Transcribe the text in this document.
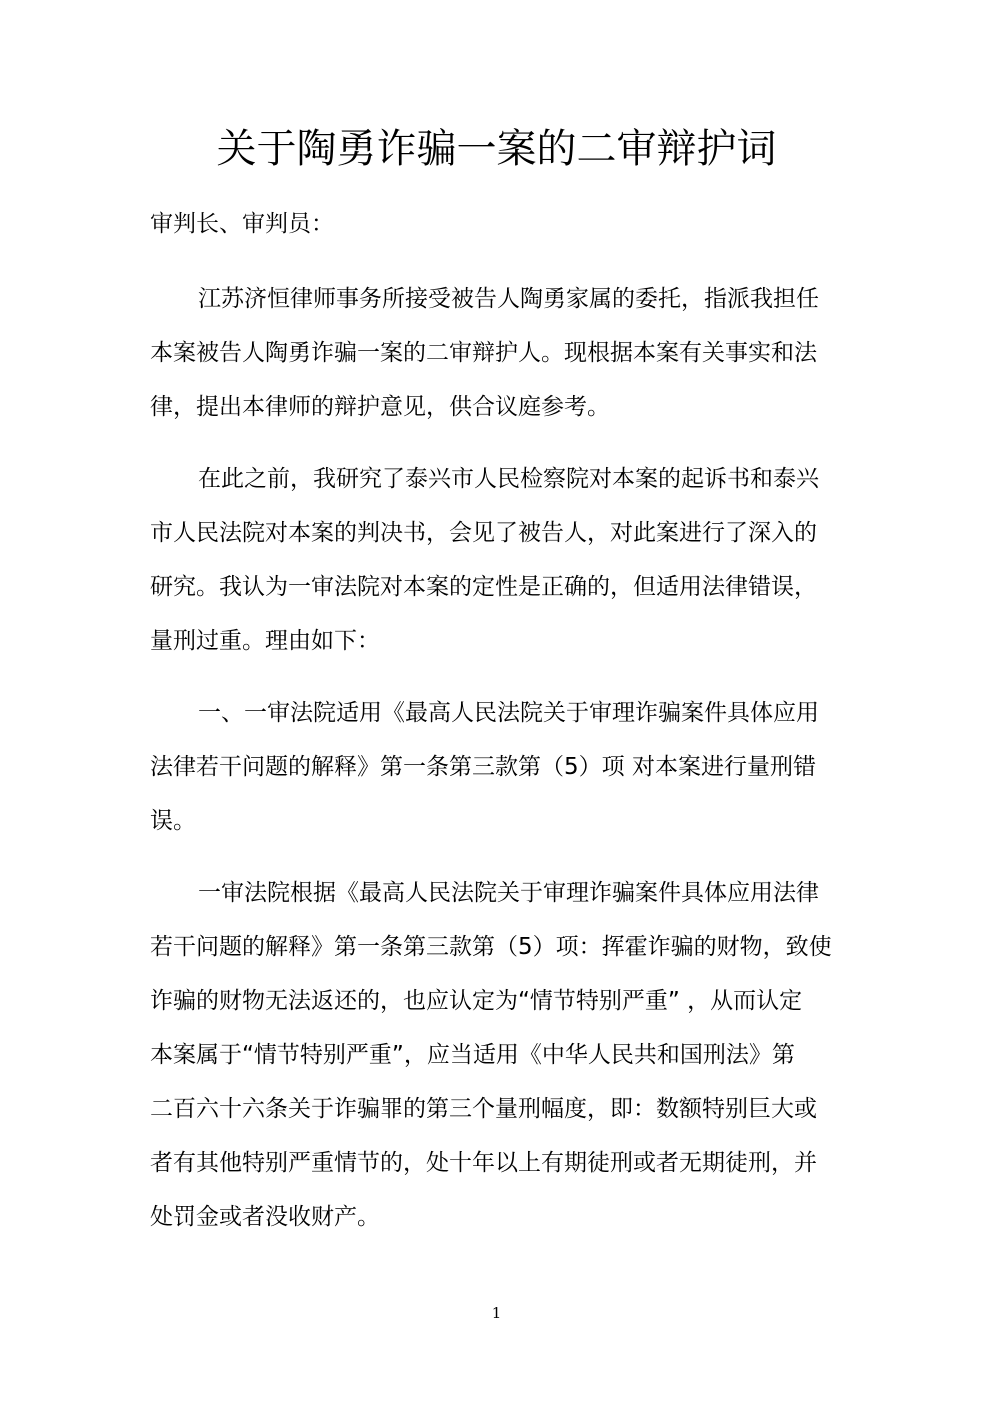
关于陶勇诈骗一案的二审辩护词

审判长、审判员：

江苏济恒律师事务所接受被告人陶勇家属的委托，指派我担任
本案被告人陶勇诈骗一案的二审辩护人。现根据本案有关事实和法
律，提出本律师的辩护意见，供合议庭参考。
在此之前，我研究了泰兴市人民检察院对本案的起诉书和泰兴
市人民法院对本案的判决书，会见了被告人，对此案进行了深入的
研究。我认为一审法院对本案的定性是正确的，但适用法律错误，
量刑过重。理由如下：
一、一审法院适用《最高人民法院关于审理诈骗案件具体应用
法律若干问题的解释》第一条第三款第（5）项 对本案进行量刑错
误。
一审法院根据《最高人民法院关于审理诈骗案件具体应用法律
若干问题的解释》第一条第三款第（5）项：挥霍诈骗的财物，致使
诈骗的财物无法返还的，也应认定为“情节特别严重” ，从而认定
本案属于“情节特别严重”，应当适用《中华人民共和国刑法》第
二百六十六条关于诈骗罪的第三个量刑幅度，即：数额特别巨大或
者有其他特别严重情节的，处十年以上有期徒刑或者无期徒刑，并
处罚金或者没收财产。
1
